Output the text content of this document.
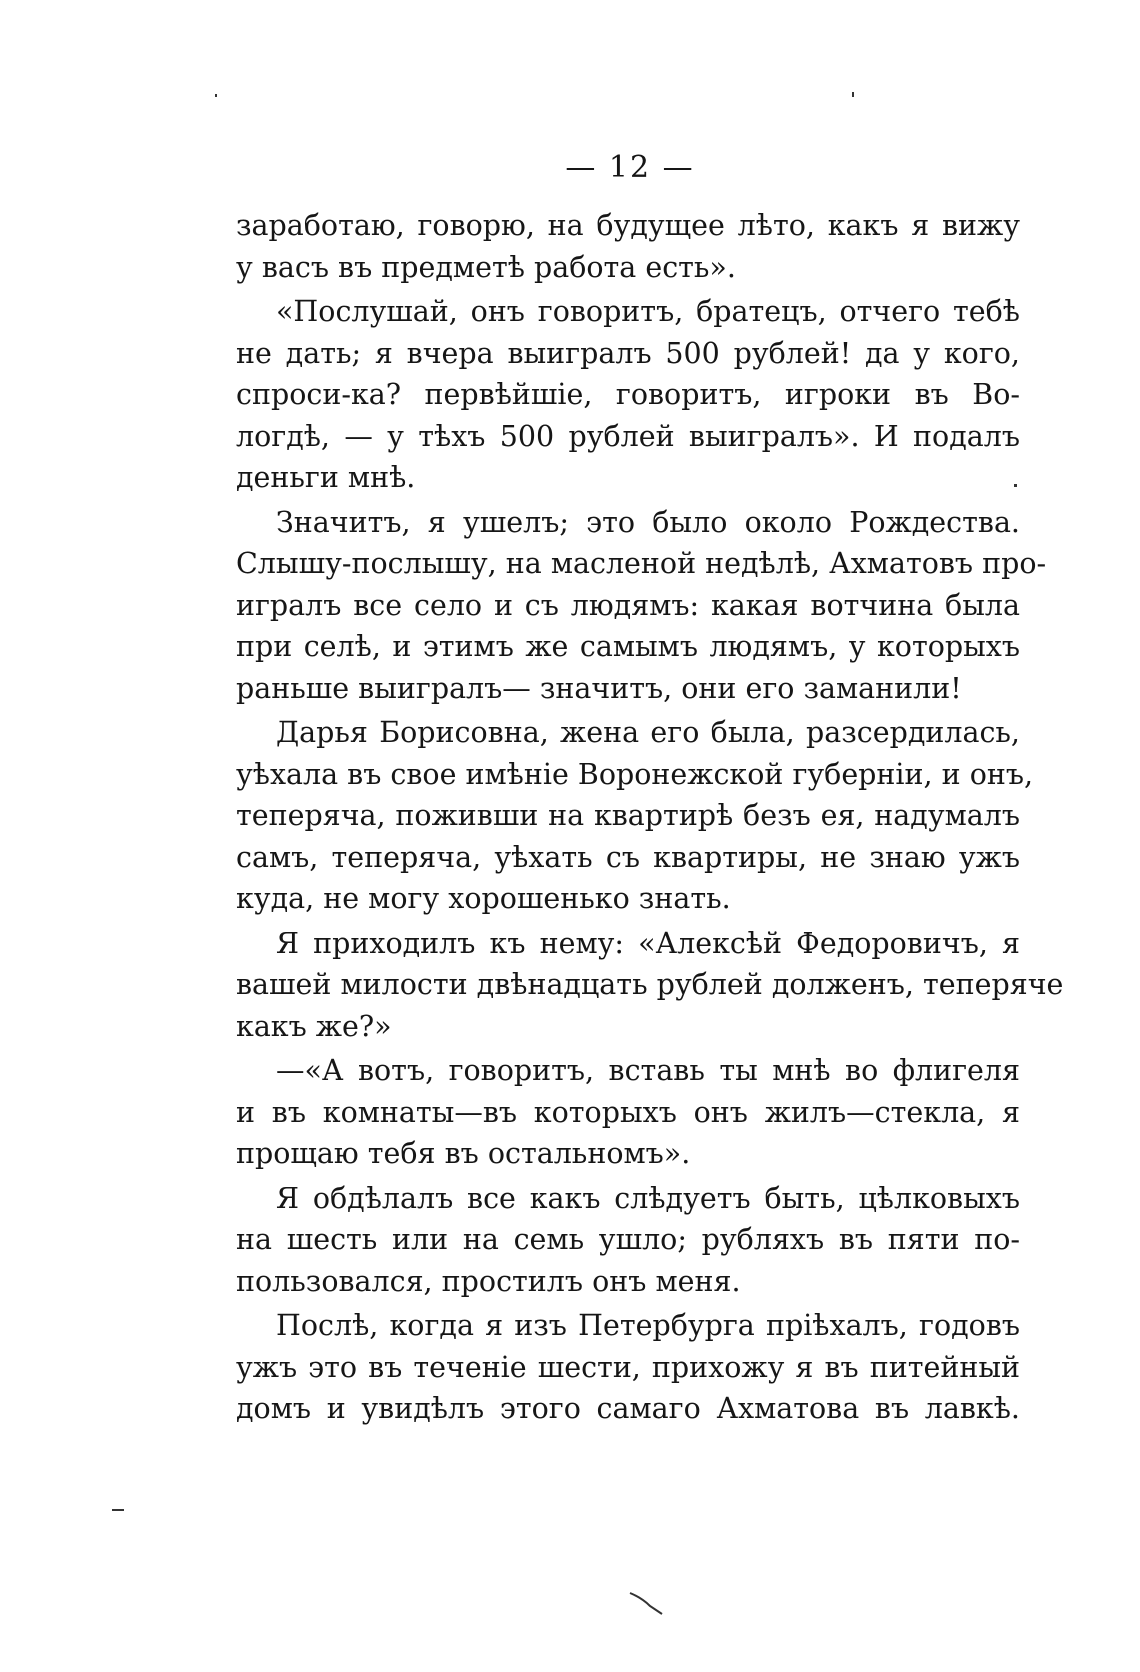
— 12 —

заработаю, говорю, на будущее лѣто, какъ я вижу
у васъ въ предметѣ работа есть».

«Послушай, онъ говоритъ, братецъ, отчего тебѣ
не дать; я вчера выигралъ 500 рублей! да у кого,
спроси-ка? первѣйшіе, говоритъ, игроки въ Во-
логдѣ, — у тѣхъ 500 рублей выигралъ». И подалъ
деньги мнѣ.

Значитъ, я ушелъ; это было около Рождества.
Слышу-послышу, на масленой недѣлѣ, Ахматовъ про-
игралъ все село и съ людямъ: какая вотчина была
при селѣ, и этимъ же самымъ людямъ, у которыхъ
раньше выигралъ— значитъ, они его заманили!

Дарья Борисовна, жена его была, разсердилась,
уѣхала въ свое имѣніе Воронежской губерніи, и онъ,
теперяча, поживши на квартирѣ безъ ея, надумалъ
самъ, теперяча, уѣхать съ квартиры, не знаю ужъ
куда, не могу хорошенько знать.

Я приходилъ къ нему: «Алексѣй Федоровичъ, я
вашей милости двѣнадцать рублей долженъ, теперяче
какъ же?»

—«А вотъ, говоритъ, вставь ты мнѣ во флигеля
и въ комнаты—въ которыхъ онъ жилъ—стекла, я
прощаю тебя въ остальномъ».

Я обдѣлалъ все какъ слѣдуетъ быть, цѣлковыхъ
на шесть или на семь ушло; рубляхъ въ пяти по-
пользовался, простилъ онъ меня.

Послѣ, когда я изъ Петербурга пріѣхалъ, годовъ
ужъ это въ теченіе шести, прихожу я въ питейный
домъ и увидѣлъ этого самаго Ахматова въ лавкѣ.
